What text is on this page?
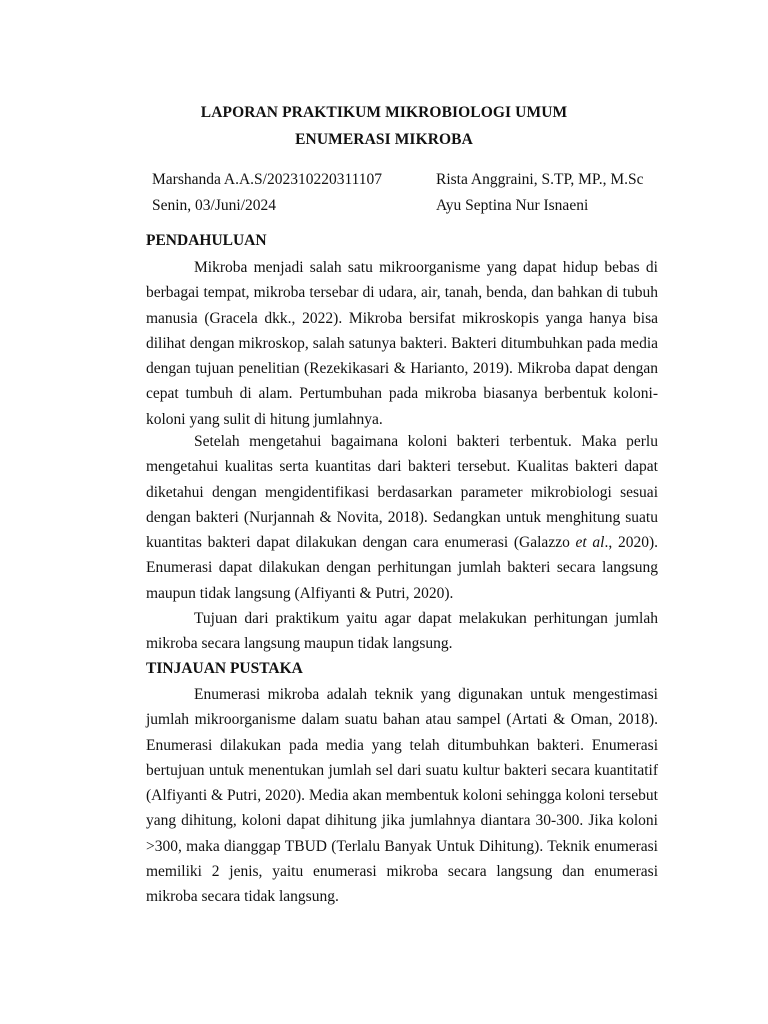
LAPORAN PRAKTIKUM MIKROBIOLOGI UMUM
ENUMERASI MIKROBA
Marshanda A.A.S/202310220311107	Rista Anggraini, S.TP, MP., M.Sc
Senin, 03/Juni/2024	Ayu Septina Nur Isnaeni
PENDAHULUAN

Mikroba menjadi salah satu mikroorganisme yang dapat hidup bebas di berbagai tempat, mikroba tersebar di udara, air, tanah, benda, dan bahkan di tubuh manusia (Gracela dkk., 2022). Mikroba bersifat mikroskopis yanga hanya bisa dilihat dengan mikroskop, salah satunya bakteri. Bakteri ditumbuhkan pada media dengan tujuan penelitian (Rezekikasari & Harianto, 2019). Mikroba dapat dengan cepat tumbuh di alam. Pertumbuhan pada mikroba biasanya berbentuk koloni-koloni yang sulit di hitung jumlahnya.

Setelah mengetahui bagaimana koloni bakteri terbentuk. Maka perlu mengetahui kualitas serta kuantitas dari bakteri tersebut. Kualitas bakteri dapat diketahui dengan mengidentifikasi berdasarkan parameter mikrobiologi sesuai dengan bakteri (Nurjannah & Novita, 2018). Sedangkan untuk menghitung suatu kuantitas bakteri dapat dilakukan dengan cara enumerasi (Galazzo et al., 2020). Enumerasi dapat dilakukan dengan perhitungan jumlah bakteri secara langsung maupun tidak langsung (Alfiyanti & Putri, 2020).

Tujuan dari praktikum yaitu agar dapat melakukan perhitungan jumlah mikroba secara langsung maupun tidak langsung.

TINJAUAN PUSTAKA

Enumerasi mikroba adalah teknik yang digunakan untuk mengestimasi jumlah mikroorganisme dalam suatu bahan atau sampel (Artati & Oman, 2018). Enumerasi dilakukan pada media yang telah ditumbuhkan bakteri. Enumerasi bertujuan untuk menentukan jumlah sel dari suatu kultur bakteri secara kuantitatif (Alfiyanti & Putri, 2020). Media akan membentuk koloni sehingga koloni tersebut yang dihitung, koloni dapat dihitung jika jumlahnya diantara 30-300. Jika koloni >300, maka dianggap TBUD (Terlalu Banyak Untuk Dihitung). Teknik enumerasi memiliki 2 jenis, yaitu enumerasi mikroba secara langsung dan enumerasi mikroba secara tidak langsung.
